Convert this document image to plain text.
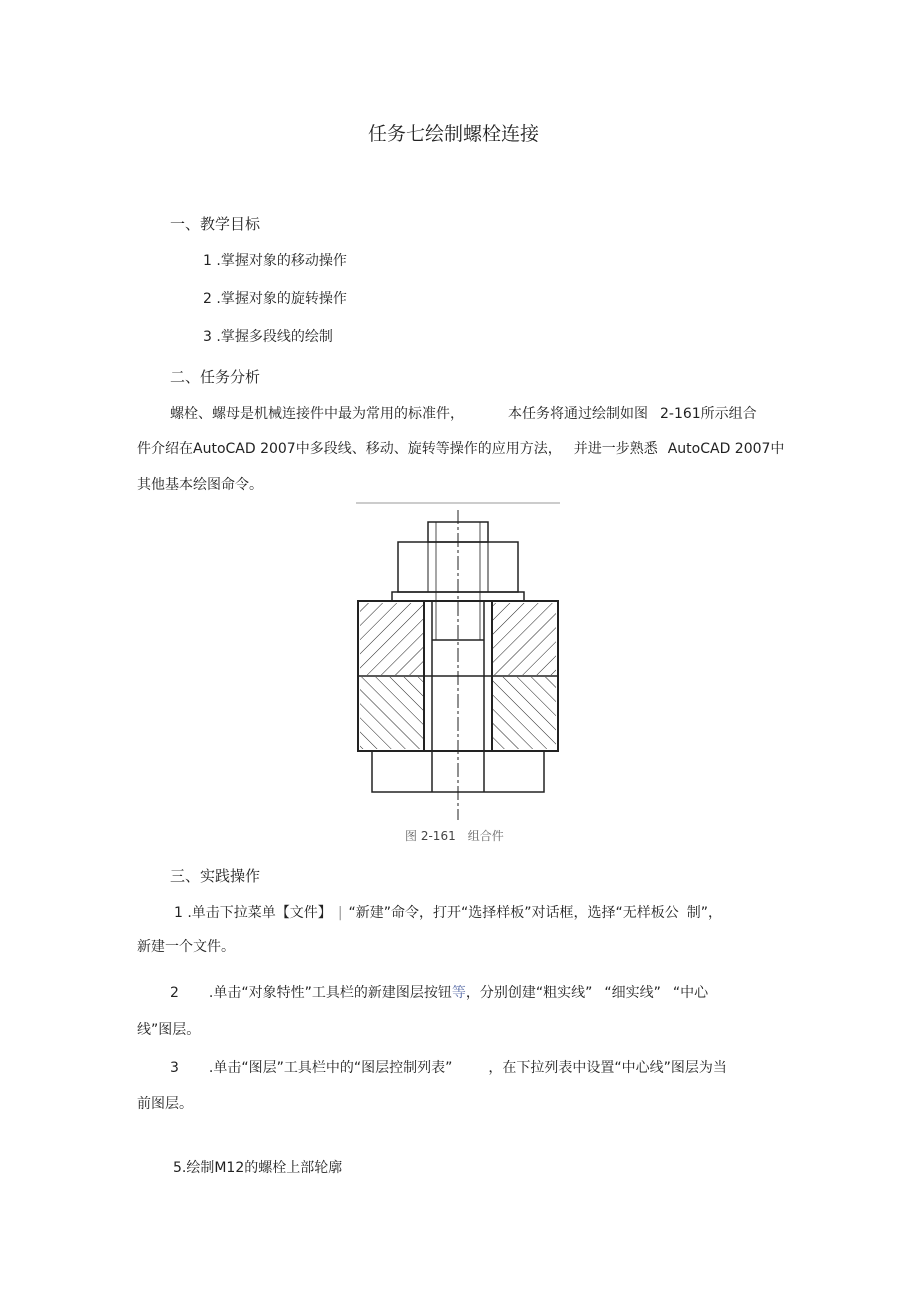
任务七绘制螺栓连接
一、教学目标
1 .掌握对象的移动操作
2 .掌握对象的旋转操作
3 .掌握多段线的绘制
二、任务分析
螺栓、螺母是机械连接件中最为常用的标准件，	本任务将通过绘制如图 2-161所示组合
件介绍在AutoCAD 2007中多段线、移动、旋转等操作的应用方法， 并进一步熟悉 AutoCAD 2007中
其他基本绘图命令。
图 2-161 组合件
三、实践操作
1 .单击下拉菜单【文件】 | “新建”命令，打开“选择样板”对话框，选择“无样板公 制”，
新建一个文件。
2 .单击“对象特性”工具栏的新建图层按钮等，分别创建“粗实线” “细实线” “中心
线”图层。
3 .单击“图层”工具栏中的“图层控制列表”	，在下拉列表中设置“中心线”图层为当
前图层。
5.绘制M12的螺栓上部轮廓
